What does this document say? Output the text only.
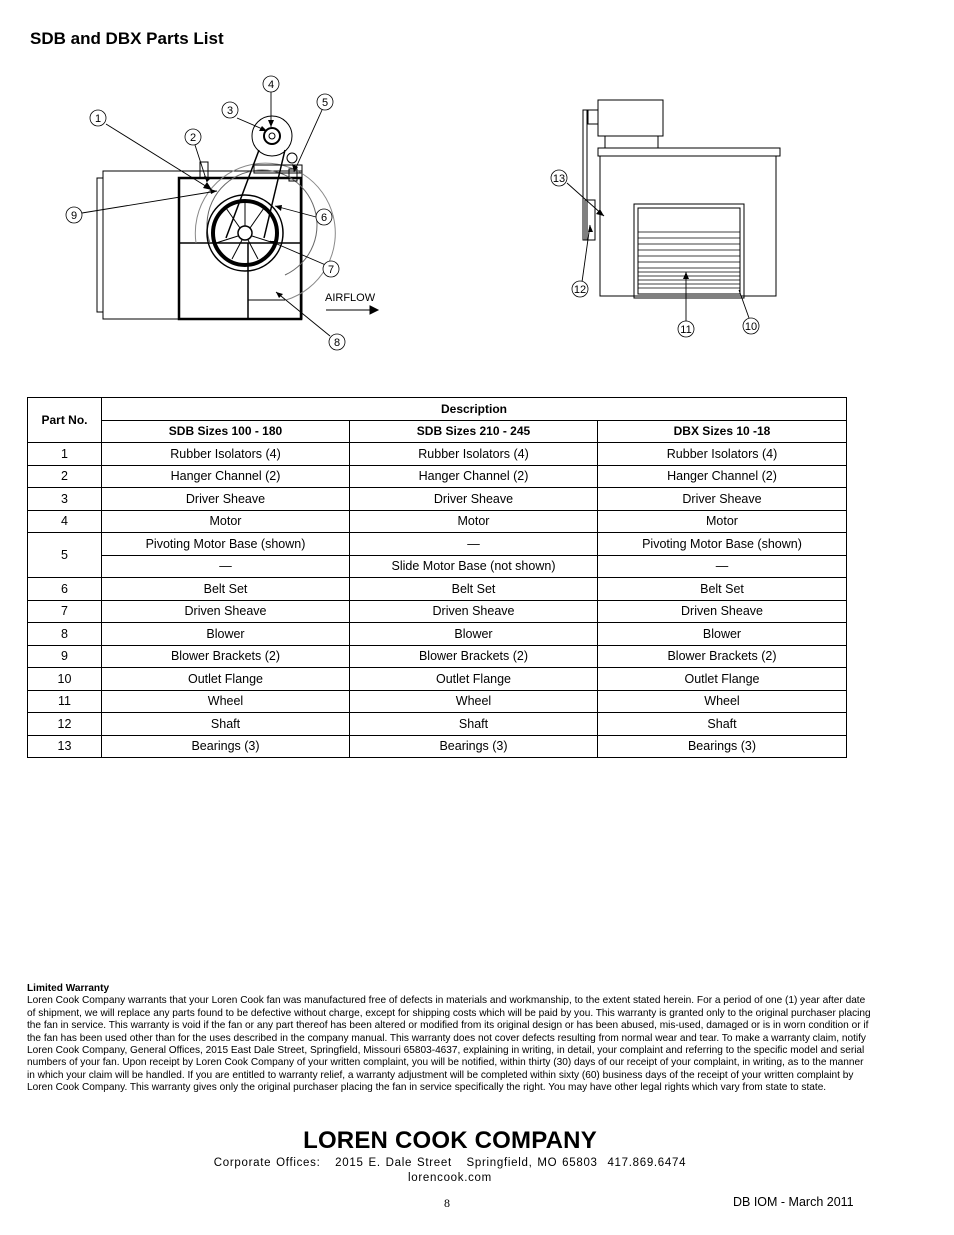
SDB and DBX Parts List
1
2
3
4
5
6
7
8
9
10
11
12
13
AIRFLOW
Part No.	Description		
	SDB Sizes 100 - 180	SDB Sizes 210 - 245	DBX Sizes 10 -18
1	Rubber Isolators (4)	Rubber Isolators (4)	Rubber Isolators (4)
2	Hanger Channel (2)	Hanger Channel (2)	Hanger Channel (2)
3	Driver Sheave	Driver Sheave	Driver Sheave
4	Motor	Motor	Motor
5	Pivoting Motor Base (shown)	—	Pivoting Motor Base (shown)
	—	Slide Motor Base (not shown)	—
6	Belt Set	Belt Set	Belt Set
7	Driven Sheave	Driven Sheave	Driven Sheave
8	Blower	Blower	Blower
9	Blower Brackets (2)	Blower Brackets (2)	Blower Brackets (2)
10	Outlet Flange	Outlet Flange	Outlet Flange
11	Wheel	Wheel	Wheel
12	Shaft	Shaft	Shaft
13	Bearings (3)	Bearings (3)	Bearings (3)
Limited Warranty
Loren Cook Company warrants that your Loren Cook fan was manufactured free of defects in materials and workmanship, to the extent stated herein. For a period of one (1) year after date of shipment, we will replace any parts found to be defective without charge, except for shipping costs which will be paid by you. This warranty is granted only to the original purchaser placing the fan in service. This warranty is void if the fan or any part thereof has been altered or modified from its original design or has been abused, mis-used, damaged or is in worn condition or if the fan has been used other than for the uses described in the company manual. This warranty does not cover defects resulting from normal wear and tear. To make a warranty claim, notify Loren Cook Company, General Offices, 2015 East Dale Street, Springfield, Missouri 65803-4637, explaining in writing, in detail, your complaint and referring to the specific model and serial numbers of your fan. Upon receipt by Loren Cook Company of your written complaint, you will be notified, within thirty (30) days of our receipt of your complaint, in writing, as to the manner in which your claim will be handled. If you are entitled to warranty relief, a warranty adjustment will be completed within sixty (60) business days of the receipt of your written complaint by Loren Cook Company. This warranty gives only the original purchaser placing the fan in service specifically the right. You may have other legal rights which vary from state to state.
LOREN COOK COMPANY
Corporate Offices:   2015 E. Dale Street   Springfield, MO 65803  417.869.6474
lorencook.com
8	DB IOM - March 2011
